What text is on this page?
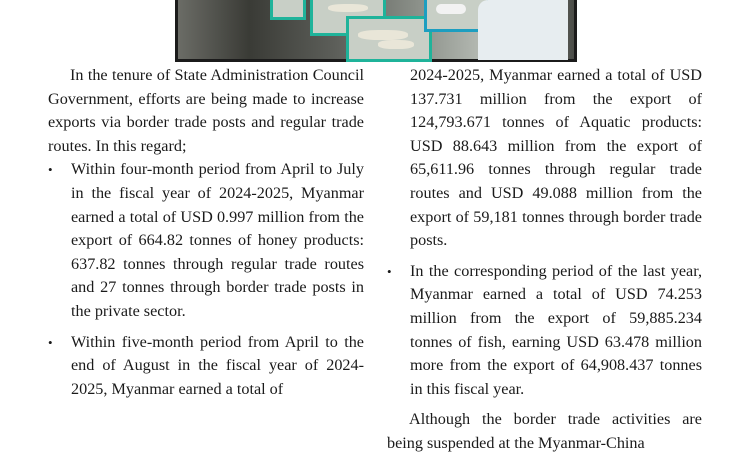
In the tenure of State Administration Council Government, efforts are being made to increase exports via border trade posts and regular trade routes. In this regard;

• Within four-month period from April to July in the fiscal year of 2024-2025, Myanmar earned a total of USD 0.997 million from the export of 664.82 tonnes of honey products: 637.82 tonnes through regular trade routes and 27 tonnes through border trade posts in the private sector.

• Within five-month period from April to the end of August in the fiscal year of 2024-2025, Myanmar earned a total of

2024-2025, Myanmar earned a total of USD 137.731 million from the export of 124,793.671 tonnes of Aquatic products: USD 88.643 million from the export of 65,611.96 tonnes through regular trade routes and USD 49.088 million from the export of 59,181 tonnes through border trade posts.

• In the corresponding period of the last year, Myanmar earned a total of USD 74.253 million from the export of 59,885.234 tonnes of fish, earning USD 63.478 million more from the export of 64,908.437 tonnes in this fiscal year.

Although the border trade activities are being suspended at the Myanmar-China
